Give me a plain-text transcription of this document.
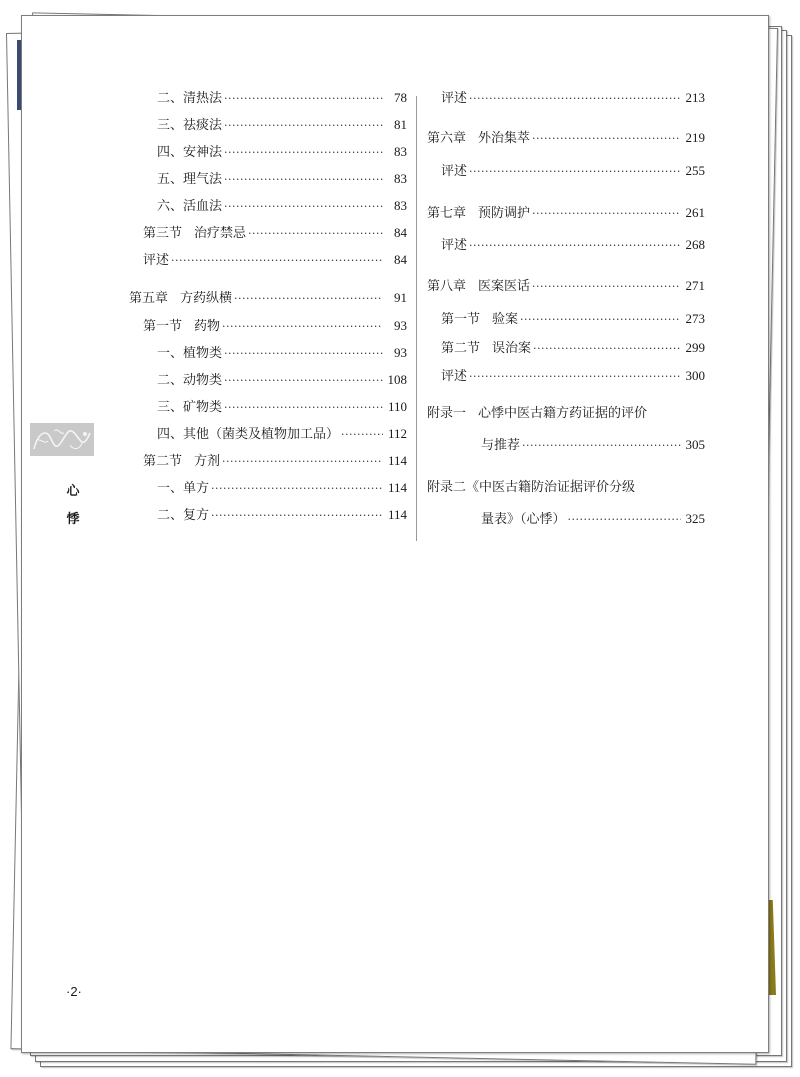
心
悸
二、清热法 ·····	78
三、祛痰法 ·····	81
四、安神法 ·····	83
五、理气法 ·····	83
六、活血法 ·····	83
第三节 治疗禁忌 ·····	84
评述 ·····	84
第五章 方药纵横 ·····	91
第一节 药物 ·····	93
一、植物类 ·····	93
二、动物类 ·····	108
三、矿物类 ·····	110
四、其他（菌类及植物加工品） ·····	112
第二节 方剂 ·····	114
一、单方 ·····	114
二、复方 ·····	114
评述 ·····	213
第六章 外治集萃 ·····	219
评述 ·····	255
第七章 预防调护 ·····	261
评述 ·····	268
第八章 医案医话 ·····	271
第一节 验案 ·····	273
第二节 误治案 ·····	299
评述 ·····	300
附录一 心悸中医古籍方药证据的评价
与推荐 ·····	305
附录二《中医古籍防治证据评价分级
量表》（心悸） ·····	325
·2·
